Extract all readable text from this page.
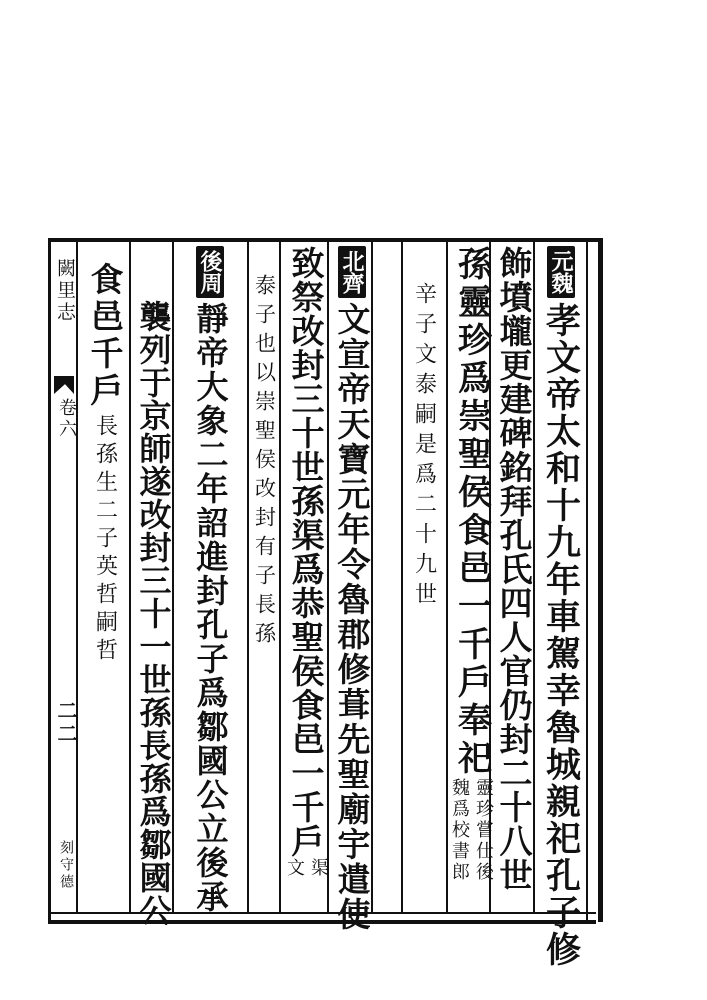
闕里志
卷六
二二
刻守德
元魏
孝文帝太和十九年車駕幸魯城親祀孔子修
飾墳壠更建碑銘拜孔氏四人官仍封二十八世
孫靈珍爲崇聖侯食邑一千戶奉祀
靈珍嘗仕後
魏爲校書郎
辛子文泰嗣是爲二十九世
北齊
文宣帝天寶元年令魯郡修葺先聖廟宇遣使
致祭改封三十世孫渠爲恭聖侯食邑一千戶
渠
文
泰子也以崇聖侯改封有子長孫
後周
靜帝大象二年詔進封孔子爲鄒國公立後承
襲列于京師遂改封三十一世孫長孫爲鄒國公
食邑千戶
長孫生二子英哲嗣哲
